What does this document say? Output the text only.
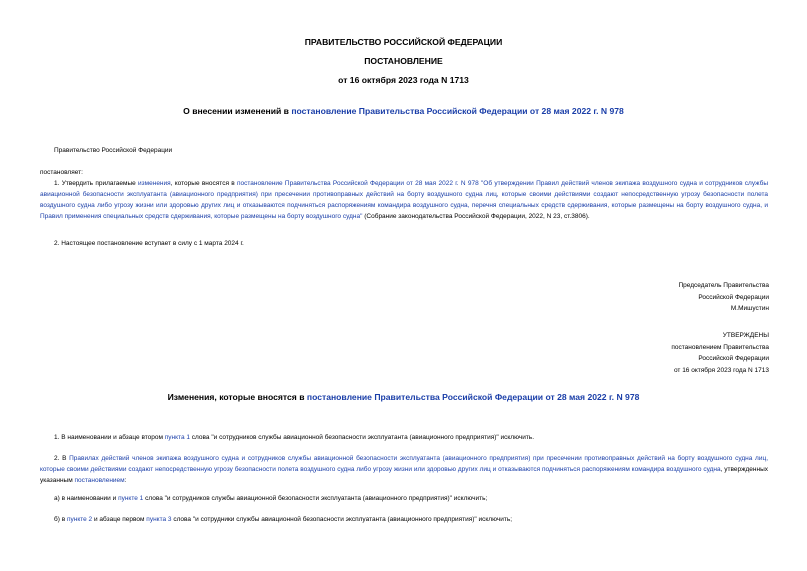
ПРАВИТЕЛЬСТВО РОССИЙСКОЙ ФЕДЕРАЦИИ
ПОСТАНОВЛЕНИЕ
от 16 октября 2023 года N 1713
О внесении изменений в постановление Правительства Российской Федерации от 28 мая 2022 г. N 978
Правительство Российской Федерации
постановляет:
1. Утвердить прилагаемые изменения, которые вносятся в постановление Правительства Российской Федерации от 28 мая 2022 г. N 978 "Об утверждении Правил действий членов экипажа воздушного судна и сотрудников службы авиационной безопасности эксплуатанта (авиационного предприятия) при пресечении противоправных действий на борту воздушного судна лиц, которые своими действиями создают непосредственную угрозу безопасности полета воздушного судна либо угрозу жизни или здоровью других лиц и отказываются подчиняться распоряжениям командира воздушного судна, перечня специальных средств сдерживания, которые размещены на борту воздушного судна, и Правил применения специальных средств сдерживания, которые размещены на борту воздушного судна" (Собрание законодательства Российской Федерации, 2022, N 23, ст.3806).
2. Настоящее постановление вступает в силу с 1 марта 2024 г.
Председатель Правительства
Российской Федерации
М.Мишустин
УТВЕРЖДЕНЫ
постановлением Правительства
Российской Федерации
от 16 октября 2023 года N 1713
Изменения, которые вносятся в постановление Правительства Российской Федерации от 28 мая 2022 г. N 978
1. В наименовании и абзаце втором пункта 1 слова "и сотрудников службы авиационной безопасности эксплуатанта (авиационного предприятия)" исключить.
2. В Правилах действий членов экипажа воздушного судна и сотрудников службы авиационной безопасности эксплуатанта (авиационного предприятия) при пресечении противоправных действий на борту воздушного судна лиц, которые своими действиями создают непосредственную угрозу безопасности полета воздушного судна либо угрозу жизни или здоровью других лиц и отказываются подчиняться распоряжениям командира воздушного судна, утвержденных указанным постановлением:
а) в наименовании и пункте 1 слова "и сотрудников службы авиационной безопасности эксплуатанта (авиационного предприятия)" исключить;
б) в пункте 2 и абзаце первом пункта 3 слова "и сотрудники службы авиационной безопасности эксплуатанта (авиационного предприятия)" исключить;
